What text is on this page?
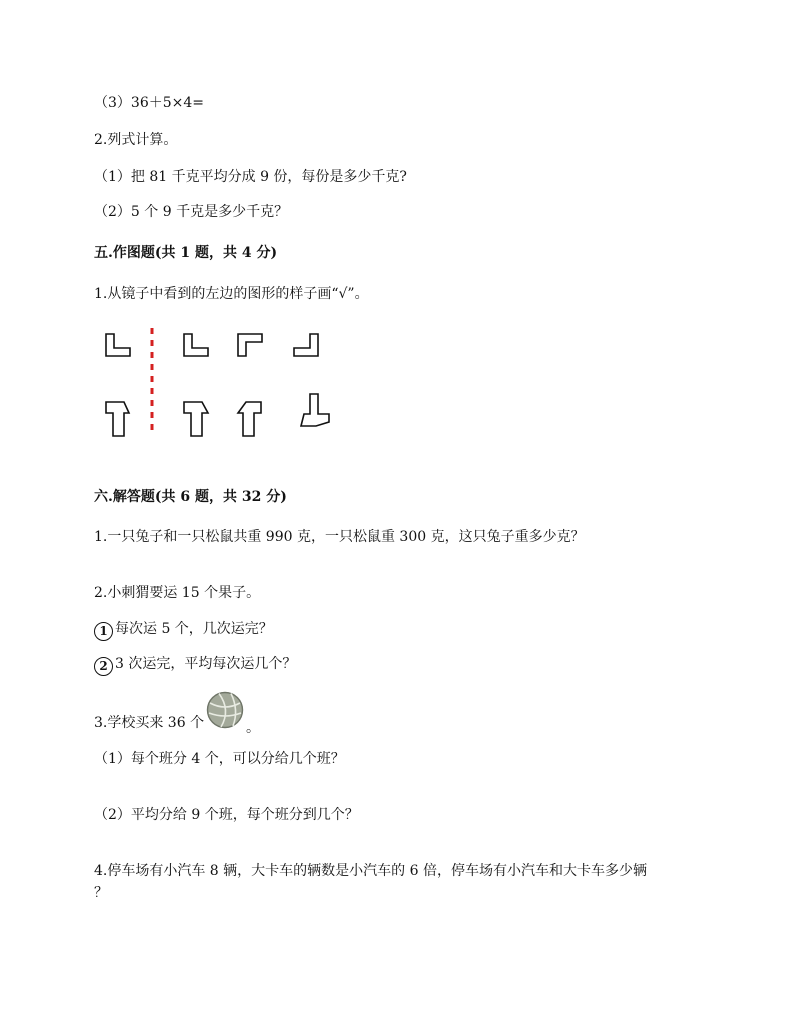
（3）36＋5×4=
2.列式计算。
（1）把 81 千克平均分成 9 份，每份是多少千克?
（2）5 个 9 千克是多少千克？
五.作图题(共 1 题，共 4 分)
1.从镜子中看到的左边的图形的样子画“√”。
六.解答题(共 6 题，共 32 分)
1.一只兔子和一只松鼠共重 990 克，一只松鼠重 300 克，这只兔子重多少克？
2.小刺猬要运 15 个果子。
1 每次运 5 个，几次运完？
2 3 次运完，平均每次运几个？
3.学校买来 36 个	。
（1）每个班分 4 个，可以分给几个班？
（2）平均分给 9 个班，每个班分到几个？
4.停车场有小汽车 8 辆，大卡车的辆数是小汽车的 6 倍，停车场有小汽车和大卡车多少辆
？
